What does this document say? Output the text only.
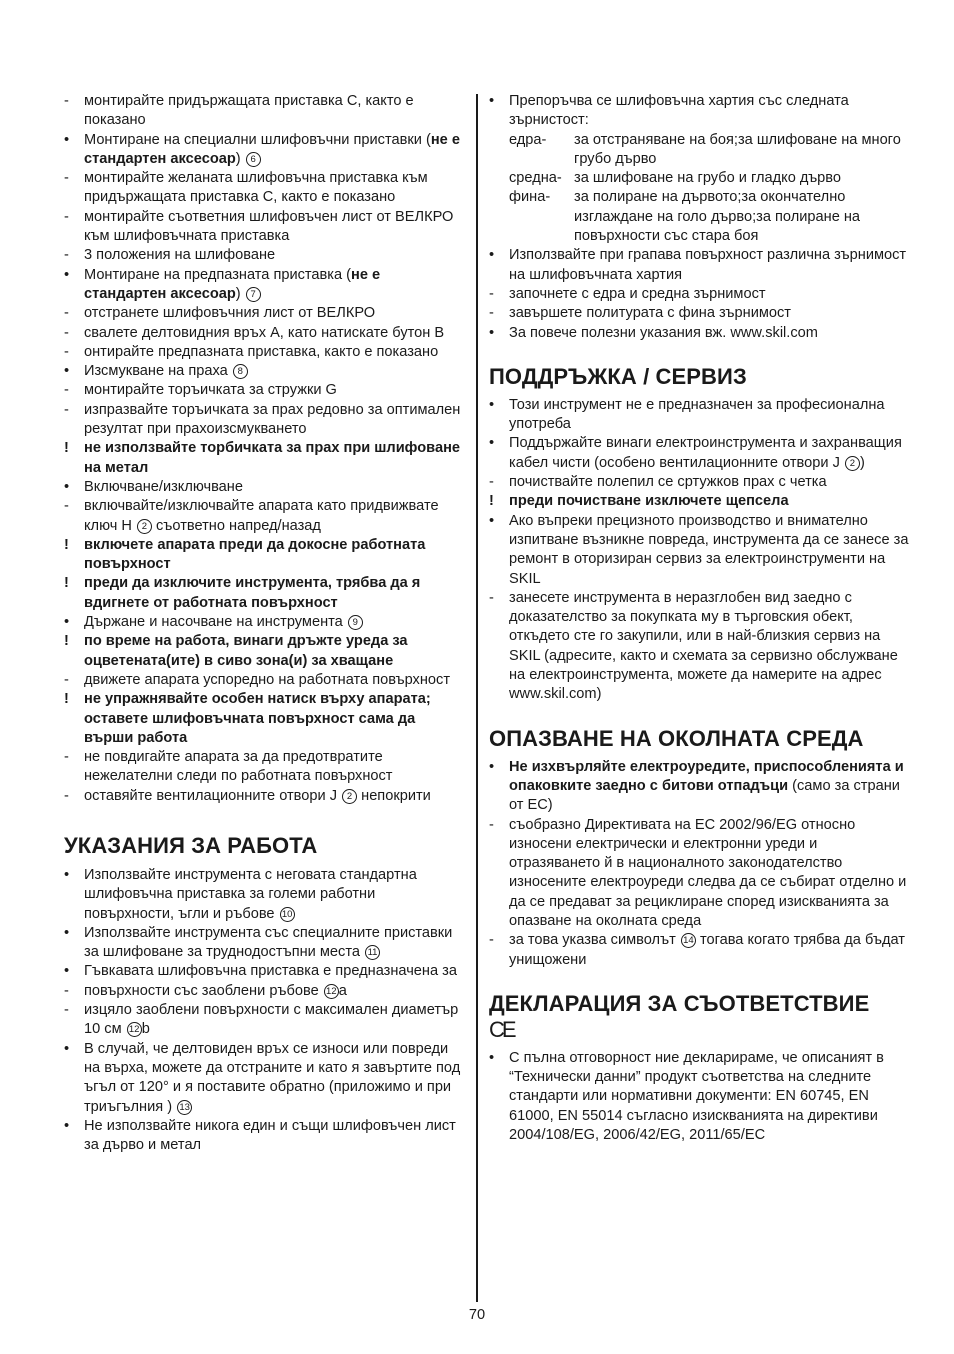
- монтирайте придържащата приставка С, както е показано
• Монтиране на специални шлифовъчни приставки (не е стандартен аксесоар) 6
- монтирайте желаната шлифовъчна приставка към придържащата приставка С, както е показано
- монтирайте съответния шлифовъчен лист от ВЕЛКРО към шлифовъчната приставка
- 3 положения на шлифоване
• Монтиране на предпазната приставка (не е стандартен аксесоар) 7
- отстранете шлифовъчния лист от ВЕЛКРО
- свалете делтовидния връх А, като натискате бутон В
- онтирайте предпазната приставка, както е показано
• Изсмукване на праха 8
- монтирайте торъичката за стружки G
- изпразвайте торъичката за прах редовно за оптимален резултат при прахоизсмукването
! не използвайте торбичката за прах при шлифоване на метал
• Включване/изключване
- включвайте/изключвайте апарата като придвижвате ключ Н 2 съответно напред/назад
! включете апарата преди да докосне работната повърхност
! преди да изключите инструмента, трябва да я вдигнете от работната повърхност
• Държане и насочване на инструмента 9
! по време на работа, винаги дръжте уреда за оцветената(ите) в сиво зона(и) за хващане
- движете апарата успоредно на работната повърхност
! не упражнявайте особен натиск върху апарата; оставете шлифовъчната повърхност сама да върши работа
- не повдигайте апарата за да предотвратите нежелателни следи по работната повърхност
- оставяйте вентилационните отвори J 2 непокрити
УКАЗАНИЯ ЗА РАБОТА
• Използвайте инструмента с неговата стандартна шлифовъчна приставка за големи работни повърхности, ъгли и ръбове 10
• Използвайте инструмента със специалните приставки за шлифоване за труднодостъпни места 11
• Гъвкавата шлифовъчна приставка е предназначена за
- повърхности със заоблени ръбове 12 a
- изцяло заоблени повърхности с максимален диаметър 10 см 12 b
• В случай, че делтовиден връх се износи или повреди на върха, можете да отстраните и като я завъртите под ъгъл от 120° и я поставите обратно (приложимо и при триъгълния ) 13
• Не използвайте никога един и същи шлифовъчен лист за дърво и метал
• Препоръчва се шлифовъчна хартия със следната зърнистост:
едра-	за отстраняване на боя;за шлифоване на много грубо дърво
средна- за шлифоване на грубо и гладко дърво
фина-	за полиране на дървото;за окончателно изглаждане на голо дърво;за полиране на повърхности със стара боя
• Използвайте при грапава повърхност различна зърнимост на шлифовъчната хартия
- започнете с едра и средна зърнимост
- завършете политурата с фина зърнимост
• За повече полезни указания вж. www.skil.com
ПОДДРЪЖКА / СЕРВИЗ
• Този инструмент не е предназначен за професионална употреба
• Поддържайте винаги електроинструмента и захранващия кабел чисти (особено вентилационните отвори J 2 )
- почиствайте полепил се сртужков прах с четка
! преди почистване изключете щепсела
• Ако въпреки прецизното производство и внимателно изпитване възникне повреда, инструмента да се занесе за ремонт в оторизиран сервиз за електроинструменти на SKIL
- занесете инструмента в неразглобен вид заедно с доказателство за покупката му в търговския обект, откъдето сте го закупили, или в най-близкия сервиз на SKIL (адресите, както и схемата за сервизно обслужване на електроинструмента, можете да намерите на адрес www.skil.com)
ОПАЗВАНЕ НА ОКОЛНАТА СРЕДА
• Не изхвърляйте електроуредите, приспособленията и опаковките заедно с битови отпадъци (само за страни от ЕС)
- съобразно Директивата на ЕС 2002/96/EG относно износени електрически и електронни уреди и отразяването й в националното законодателство износените електроуреди следва да се събират отделно и да се предават за рециклиране според изискванията за опазване на околната среда
- за това указва символът 14 тогава когато трябва да бъдат унищожени
ДЕКЛАРАЦИЯ ЗА СЪОТВЕТСТВИЕ
CE
• С пълна отговорност ние декларираме, че описаният в “Технически данни” продукт съответства на следните стандарти или нормативни документи: EN 60745, EN 61000, EN 55014 съгласно изискванията на директиви 2004/108/EG, 2006/42/EG, 2011/65/EC
70
